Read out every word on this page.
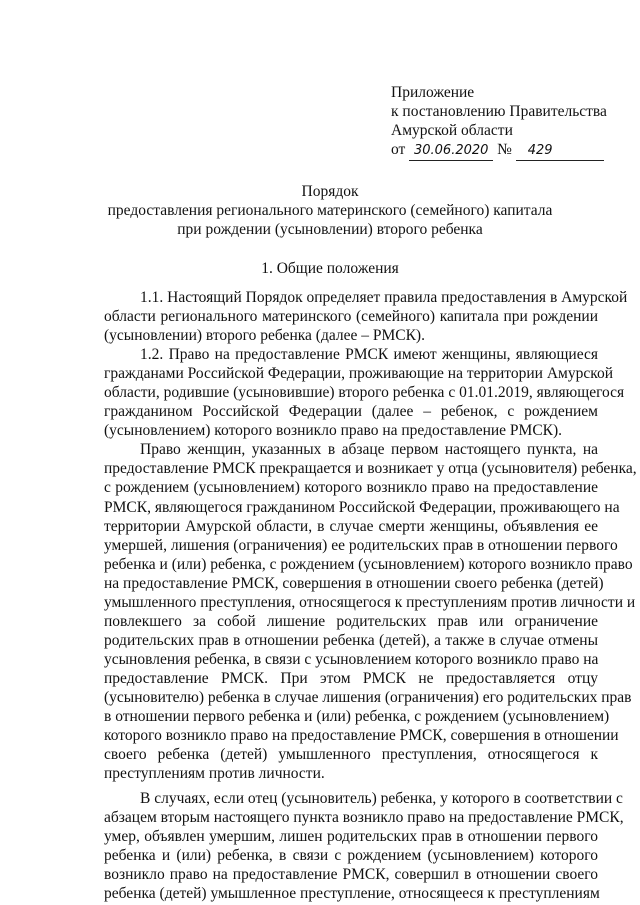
Приложение
к постановлению Правительства
Амурской области
от 30.06.2020 № 429
Порядок
предоставления регионального материнского (семейного) капитала
при рождении (усыновлении) второго ребенка
1. Общие положения
1.1. Настоящий Порядок определяет правила предоставления в Амурской
области регионального материнского (семейного) капитала при рождении
(усыновлении) второго ребенка (далее – РМСК).
1.2. Право на предоставление РМСК имеют женщины, являющиеся
гражданами Российской Федерации, проживающие на территории Амурской
области, родившие (усыновившие) второго ребенка с 01.01.2019, являющегося
гражданином Российской Федерации (далее – ребенок, с рождением
(усыновлением) которого возникло право на предоставление РМСК).
Право женщин, указанных в абзаце первом настоящего пункта, на
предоставление РМСК прекращается и возникает у отца (усыновителя) ребенка,
с рождением (усыновлением) которого возникло право на предоставление
РМСК, являющегося гражданином Российской Федерации, проживающего на
территории Амурской области, в случае смерти женщины, объявления ее
умершей, лишения (ограничения) ее родительских прав в отношении первого
ребенка и (или) ребенка, с рождением (усыновлением) которого возникло право
на предоставление РМСК, совершения в отношении своего ребенка (детей)
умышленного преступления, относящегося к преступлениям против личности и
повлекшего за собой лишение родительских прав или ограничение
родительских прав в отношении ребенка (детей), а также в случае отмены
усыновления ребенка, в связи с усыновлением которого возникло право на
предоставление РМСК. При этом РМСК не предоставляется отцу
(усыновителю) ребенка в случае лишения (ограничения) его родительских прав
в отношении первого ребенка и (или) ребенка, с рождением (усыновлением)
которого возникло право на предоставление РМСК, совершения в отношении
своего ребенка (детей) умышленного преступления, относящегося к
преступлениям против личности.
В случаях, если отец (усыновитель) ребенка, у которого в соответствии с
абзацем вторым настоящего пункта возникло право на предоставление РМСК,
умер, объявлен умершим, лишен родительских прав в отношении первого
ребенка и (или) ребенка, в связи с рождением (усыновлением) которого
возникло право на предоставление РМСК, совершил в отношении своего
ребенка (детей) умышленное преступление, относящееся к преступлениям
